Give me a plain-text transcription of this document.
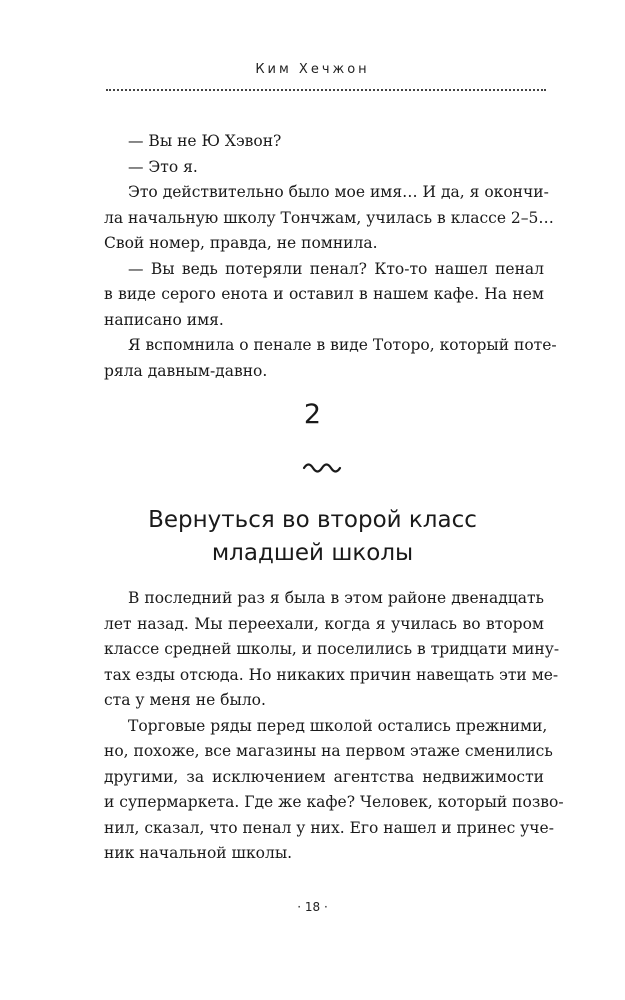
Ким Хечжон
— Вы не Ю Хэвон?
— Это я.
Это действительно было мое имя… И да, я окончи-
ла начальную школу Тончжам, училась в классе 2–5…
Свой номер, правда, не помнила.
— Вы ведь потеряли пенал? Кто-то нашел пенал
в виде серого енота и оставил в нашем кафе. На нем
написано имя.
Я вспомнила о пенале в виде Тоторо, который поте-
ряла давным-давно.
2
Вернуться во второй класс
младшей школы
В последний раз я была в этом районе двенадцать
лет назад. Мы переехали, когда я училась во втором
классе средней школы, и поселились в тридцати мину-
тах езды отсюда. Но никаких причин навещать эти ме-
ста у меня не было.
Торговые ряды перед школой остались прежними,
но, похоже, все магазины на первом этаже сменились
другими, за исключением агентства недвижимости
и супермаркета. Где же кафе? Человек, который позво-
нил, сказал, что пенал у них. Его нашел и принес уче-
ник начальной школы.
· 18 ·
